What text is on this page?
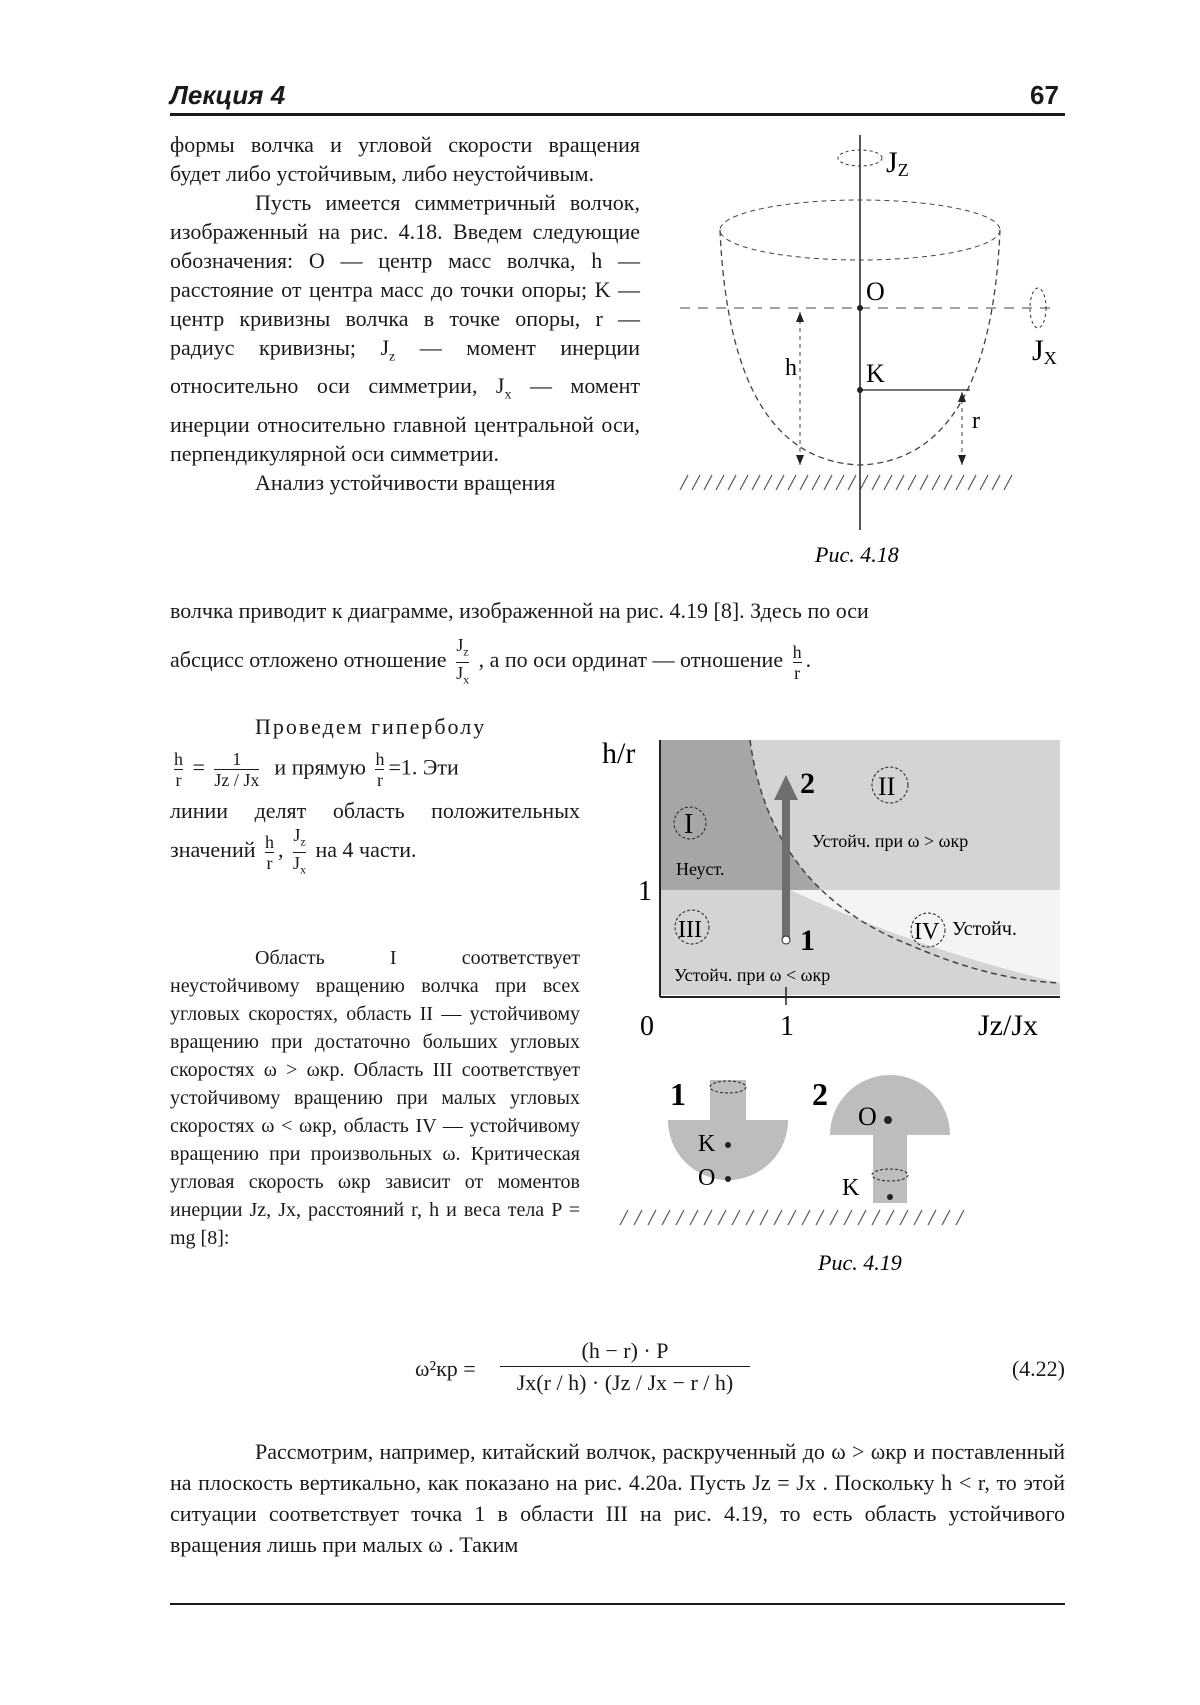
Лекция 4	67

формы волчка и угловой скорости вращения будет либо устойчивым, либо неустойчивым.

Пусть имеется симметричный волчок, изображенный на рис. 4.18. Введем следующие обозначения: O — центр масс волчка, h — расстояние от центра масс до точки опоры; K — центр кривизны волчка в точке опоры, r — радиус кривизны; $J_z$ — момент инерции относительно оси симметрии, $J_x$ — момент инерции относительно главной центральной оси, перпендикулярной оси симметрии.

Анализ устойчивости вращения

волчка приводит к диаграмме, изображенной на рис. 4.19 [8]. Здесь по оси

абсцисс отложено отношение $\frac{J_z}{J_x}$ , а по оси ординат — отношение $\frac{h}{r}$ .

Проведем гиперболу

$\frac{h}{r} = \frac{1}{Jz / Jx}$ и прямую $\frac{h}{r} =1$. Эти

линии делят область положительных значений $\frac{h}{r}$ , $\frac{J_z}{J_x}$ на 4 части.

Область I соответствует неустойчивому вращению волчка при всех угловых скоростях, область II — устойчивому вращению при достаточно больших угловых скоростях ω > ωкр. Область III соответствует устойчивому вращению при малых угловых скоростях ω < ωкр, область IV — устойчивому вращению при произвольных ω. Критическая угловая скорость ωкр зависит от моментов инерции Jz, Jx, расстояний r, h и веса тела P = mg [8]:

ω²кр =
(h − r) · P
Jx(r / h) · (Jz / Jx − r / h)
(4.22)

Рассмотрим, например, китайский волчок, раскрученный до ω > ωкр и поставленный на плоскость вертикально, как показано на рис. 4.20а. Пусть Jz = Jx . Поскольку h < r, то этой ситуации соответствует точка 1 в области III на рис. 4.19, то есть область устойчивого вращения лишь при малых ω . Таким

JZ
O
JX
K
h
r
Рис. 4.18
h/r
1
0	1	Jz/Jx
I
Неуст.
II
Устойч. при ω > ωкр
III
Устойч. при ω < ωкр
IV Устойч.
1
2
1
K
O
2
O
K
Рис. 4.19
